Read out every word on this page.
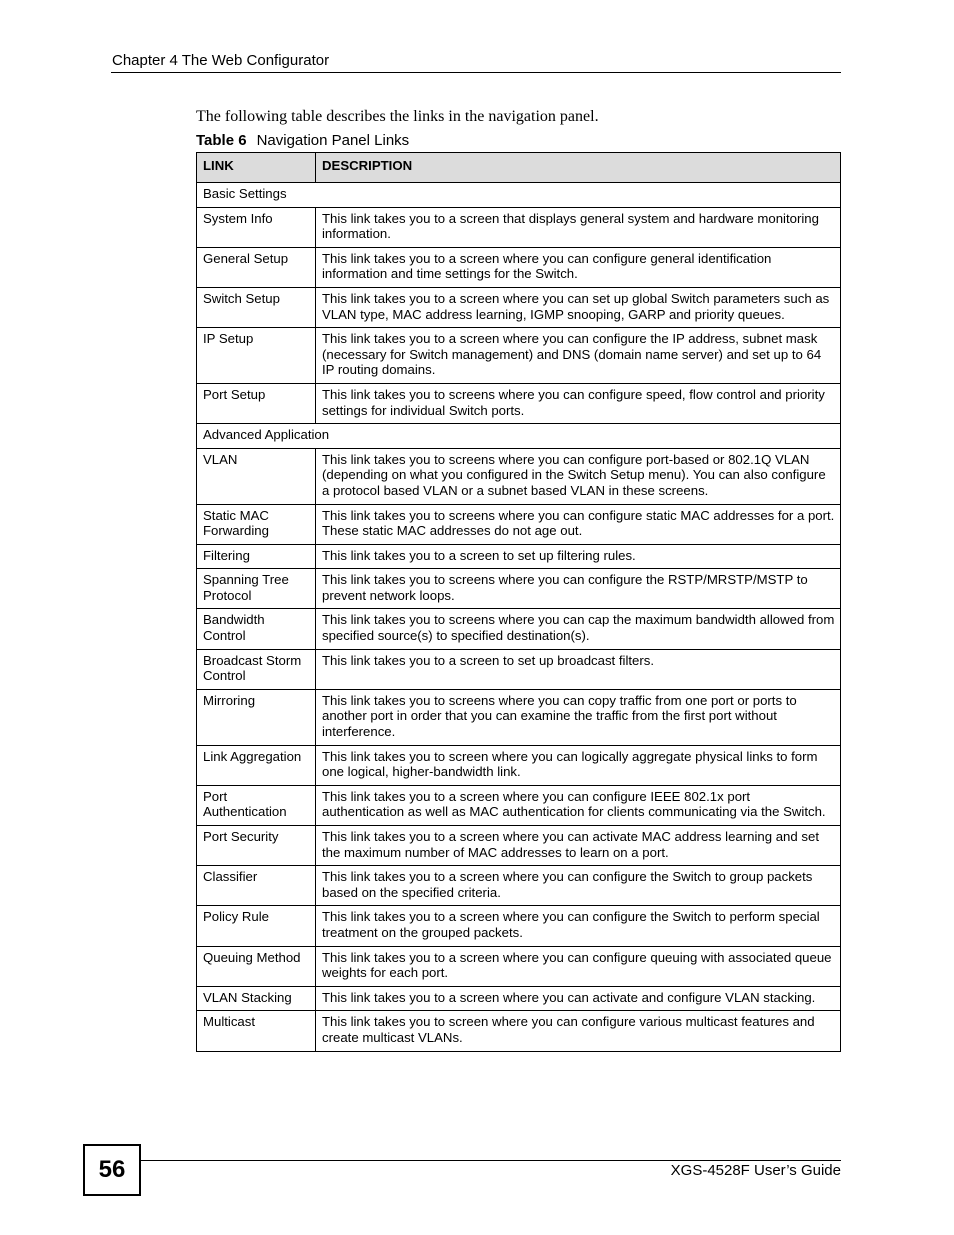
Chapter 4 The Web Configurator
The following table describes the links in the navigation panel.
Table 6 Navigation Panel Links
LINK	DESCRIPTION
Basic Settings	
System Info	This link takes you to a screen that displays general system and hardware monitoring information.
General Setup	This link takes you to a screen where you can configure general identification information and time settings for the Switch.
Switch Setup	This link takes you to a screen where you can set up global Switch parameters such as VLAN type, MAC address learning, IGMP snooping, GARP and priority queues.
IP Setup	This link takes you to a screen where you can configure the IP address, subnet mask (necessary for Switch management) and DNS (domain name server) and set up to 64 IP routing domains.
Port Setup	This link takes you to screens where you can configure speed, flow control and priority settings for individual Switch ports.
Advanced Application	
VLAN	This link takes you to screens where you can configure port-based or 802.1Q VLAN (depending on what you configured in the Switch Setup menu). You can also configure a protocol based VLAN or a subnet based VLAN in these screens.
Static MAC Forwarding	This link takes you to screens where you can configure static MAC addresses for a port. These static MAC addresses do not age out.
Filtering	This link takes you to a screen to set up filtering rules.
Spanning Tree Protocol	This link takes you to screens where you can configure the RSTP/MRSTP/MSTP to prevent network loops.
Bandwidth Control	This link takes you to screens where you can cap the maximum bandwidth allowed from specified source(s) to specified destination(s).
Broadcast Storm Control	This link takes you to a screen to set up broadcast filters.
Mirroring	This link takes you to screens where you can copy traffic from one port or ports to another port in order that you can examine the traffic from the first port without interference.
Link Aggregation	This link takes you to screen where you can logically aggregate physical links to form one logical, higher-bandwidth link.
Port Authentication	This link takes you to a screen where you can configure IEEE 802.1x port authentication as well as MAC authentication for clients communicating via the Switch.
Port Security	This link takes you to a screen where you can activate MAC address learning and set the maximum number of MAC addresses to learn on a port.
Classifier	This link takes you to a screen where you can configure the Switch to group packets based on the specified criteria.
Policy Rule	This link takes you to a screen where you can configure the Switch to perform special treatment on the grouped packets.
Queuing Method	This link takes you to a screen where you can configure queuing with associated queue weights for each port.
VLAN Stacking	This link takes you to a screen where you can activate and configure VLAN stacking.
Multicast	This link takes you to screen where you can configure various multicast features and create multicast VLANs.
56	XGS-4528F User’s Guide
